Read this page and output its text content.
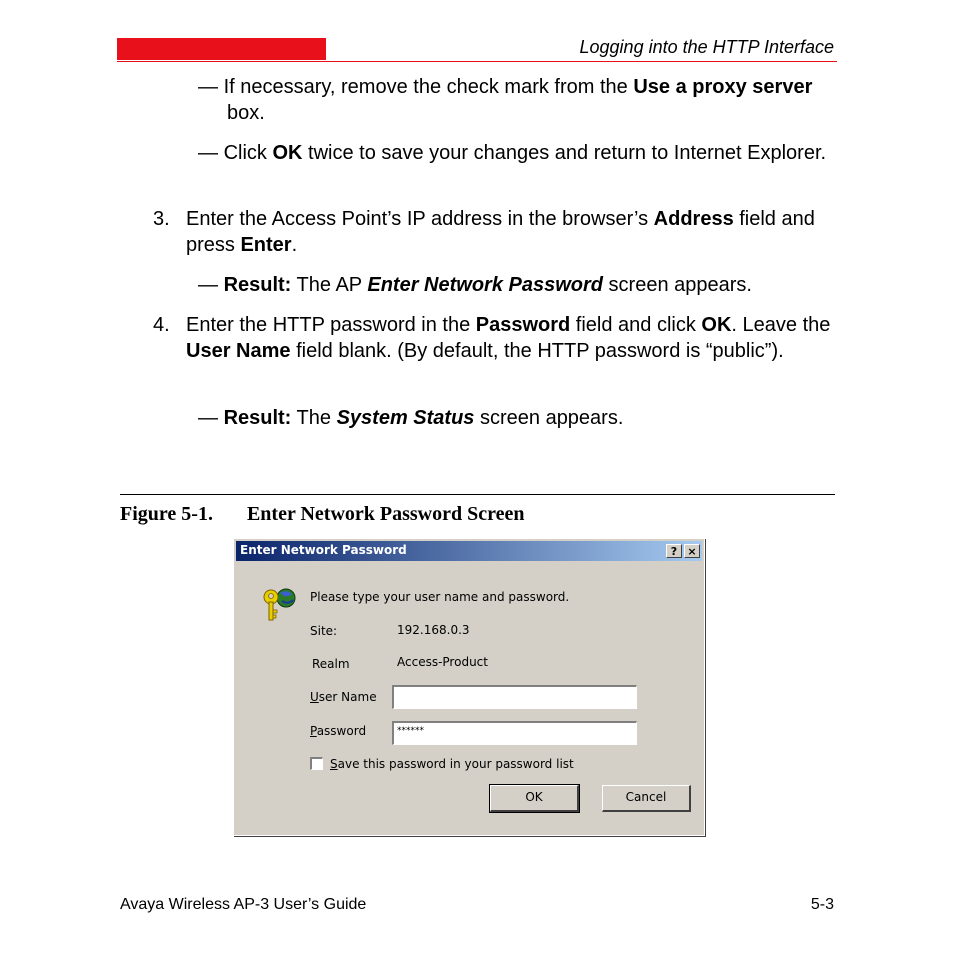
Logging into the HTTP Interface
— If necessary, remove the check mark from the Use a proxy server box.
— Click OK twice to save your changes and return to Internet Explorer.
3. Enter the Access Point’s IP address in the browser’s Address field and press Enter.
— Result: The AP Enter Network Password screen appears.
4. Enter the HTTP password in the Password field and click OK. Leave the User Name field blank. (By default, the HTTP password is “public”).
— Result: The System Status screen appears.
Figure 5-1. Enter Network Password Screen
Enter Network Password	? ×
Please type your user name and password.
Site:	192.168.0.3
Realm	Access-Product
User Name
Password	******
Save this password in your password list
OK	Cancel
Avaya Wireless AP-3 User’s Guide	5-3
